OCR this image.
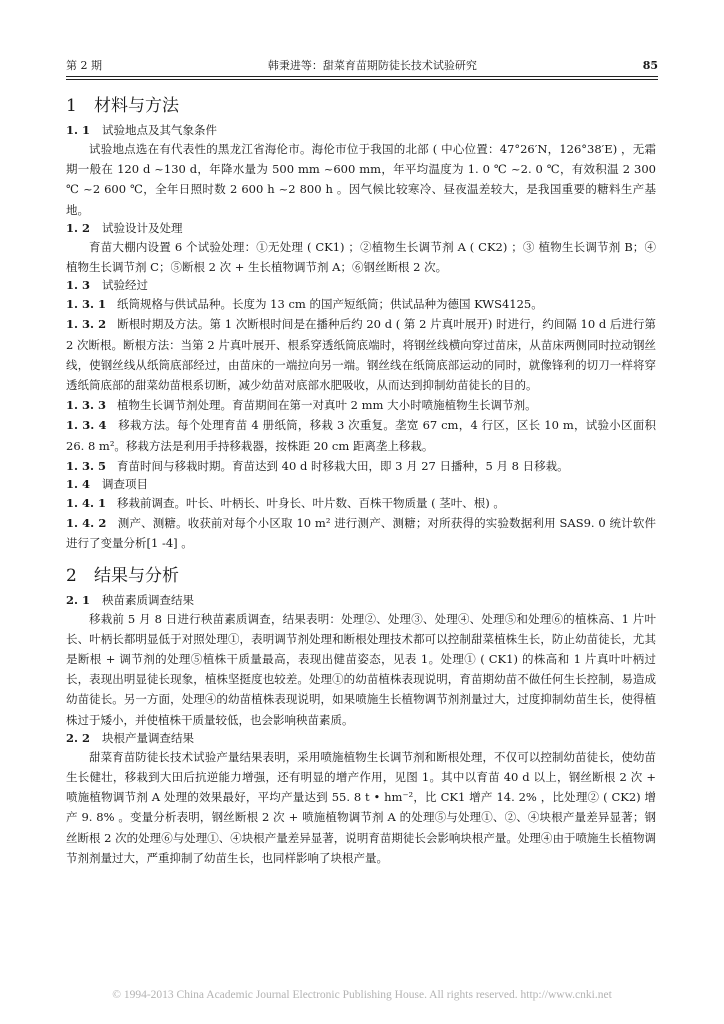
第 2 期	韩秉进等：甜菜育苗期防徒长技术试验研究	85
1 材料与方法
1. 1 试验地点及其气象条件

试验地点选在有代表性的黑龙江省海伦市。海伦市位于我国的北部 ( 中心位置：47°26′N，126°38′E) ，无霜期一般在 120 d ~130 d，年降水量为 500 mm ~600 mm，年平均温度为 1. 0 ℃ ~2. 0 ℃，有效积温 2 300 ℃ ~2 600 ℃，全年日照时数 2 600 h ~2 800 h 。因气候比较寒冷、昼夜温差较大，是我国重要的糖料生产基地。

1. 2 试验设计及处理

育苗大棚内设置 6 个试验处理：①无处理 ( CK1) ；②植物生长调节剂 A ( CK2) ；③ 植物生长调节剂 B；④植物生长调节剂 C；⑤断根 2 次 + 生长植物调节剂 A；⑥钢丝断根 2 次。

1. 3 试验经过

1. 3. 1 纸筒规格与供试品种。长度为 13 cm 的国产短纸筒；供试品种为德国 KWS4125。

1. 3. 2 断根时期及方法。第 1 次断根时间是在播种后约 20 d ( 第 2 片真叶展开) 时进行，约间隔 10 d 后进行第 2 次断根。断根方法：当第 2 片真叶展开、根系穿透纸筒底端时，将钢丝线横向穿过苗床，从苗床两侧同时拉动钢丝线，使钢丝线从纸筒底部经过，由苗床的一端拉向另一端。钢丝线在纸筒底部运动的同时，就像锋利的切刀一样将穿透纸筒底部的甜菜幼苗根系切断，减少幼苗对底部水肥吸收，从而达到抑制幼苗徒长的目的。

1. 3. 3 植物生长调节剂处理。育苗期间在第一对真叶 2 mm 大小时喷施植物生长调节剂。

1. 3. 4 移栽方法。每个处理育苗 4 册纸筒，移栽 3 次重复。垄宽 67 cm，4 行区，区长 10 m，试验小区面积 26. 8 m²。移栽方法是利用手持移栽器，按株距 20 cm 距离垄上移栽。

1. 3. 5 育苗时间与移栽时期。育苗达到 40 d 时移栽大田，即 3 月 27 日播种，5 月 8 日移栽。

1. 4 调查项目

1. 4. 1 移栽前调查。叶长、叶柄长、叶身长、叶片数、百株干物质量 ( 茎叶、根) 。

1. 4. 2 测产、测糖。收获前对每个小区取 10 m² 进行测产、测糖；对所获得的实验数据利用 SAS9. 0 统计软件进行了变量分析[1 -4] 。

2 结果与分析
2. 1 秧苗素质调查结果

移栽前 5 月 8 日进行秧苗素质调查，结果表明：处理②、处理③、处理④、处理⑤和处理⑥的植株高、1 片叶长、叶柄长都明显低于对照处理①，表明调节剂处理和断根处理技术都可以控制甜菜植株生长，防止幼苗徒长，尤其是断根 + 调节剂的处理⑤植株干质量最高，表现出健苗姿态，见表 1。处理① ( CK1) 的株高和 1 片真叶叶柄过长，表现出明显徒长现象，植株坚挺度也较差。处理①的幼苗植株表现说明，育苗期幼苗不做任何生长控制，易造成幼苗徒长。另一方面，处理④的幼苗植株表现说明，如果喷施生长植物调节剂剂量过大，过度抑制幼苗生长，使得植株过于矮小，并使植株干质量较低，也会影响秧苗素质。

2. 2 块根产量调查结果

甜菜育苗防徒长技术试验产量结果表明，采用喷施植物生长调节剂和断根处理，不仅可以控制幼苗徒长，使幼苗生长健壮，移栽到大田后抗逆能力增强，还有明显的增产作用，见图 1。其中以育苗 40 d 以上，钢丝断根 2 次 + 喷施植物调节剂 A 处理的效果最好，平均产量达到 55. 8 t • hm⁻²，比 CK1 增产 14. 2% ，比处理② ( CK2) 增产 9. 8% 。变量分析表明，钢丝断根 2 次 + 喷施植物调节剂 A 的处理⑤与处理①、②、④块根产量差异显著；钢丝断根 2 次的处理⑥与处理①、④块根产量差异显著，说明育苗期徒长会影响块根产量。处理④由于喷施生长植物调节剂剂量过大，严重抑制了幼苗生长，也同样影响了块根产量。

© 1994-2013 China Academic Journal Electronic Publishing House. All rights reserved. http://www.cnki.net
